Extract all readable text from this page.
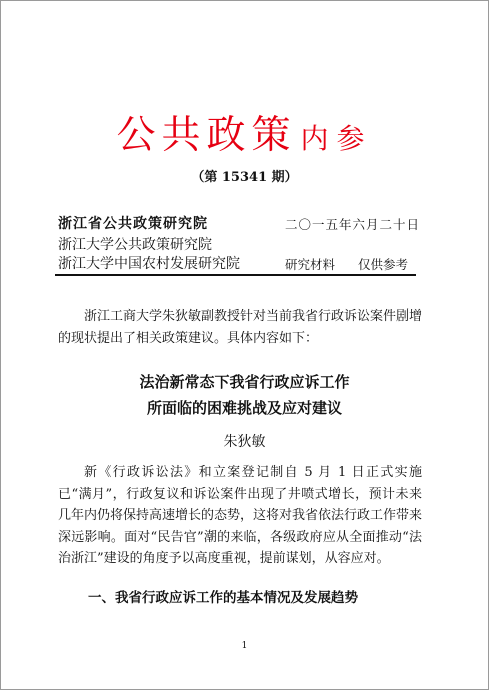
公共政策 内参
（第 15341 期）
浙江省公共政策研究院
浙江大学公共政策研究院
浙江大学中国农村发展研究院
二〇一五年六月二十日
研究材料 仅供参考

浙江工商大学朱狄敏副教授针对当前我省行政诉讼案件剧增的现状提出了相关政策建议。具体内容如下：

法治新常态下我省行政应诉工作
所面临的困难挑战及应对建议
朱狄敏

新《行政诉讼法》和立案登记制自 5 月 1 日正式实施已“满月”，行政复议和诉讼案件出现了井喷式增长，预计未来几年内仍将保持高速增长的态势，这将对我省依法行政工作带来深远影响。面对“民告官”潮的来临，各级政府应从全面推动“法治浙江”建设的角度予以高度重视，提前谋划，从容应对。

一、我省行政应诉工作的基本情况及发展趋势
1
